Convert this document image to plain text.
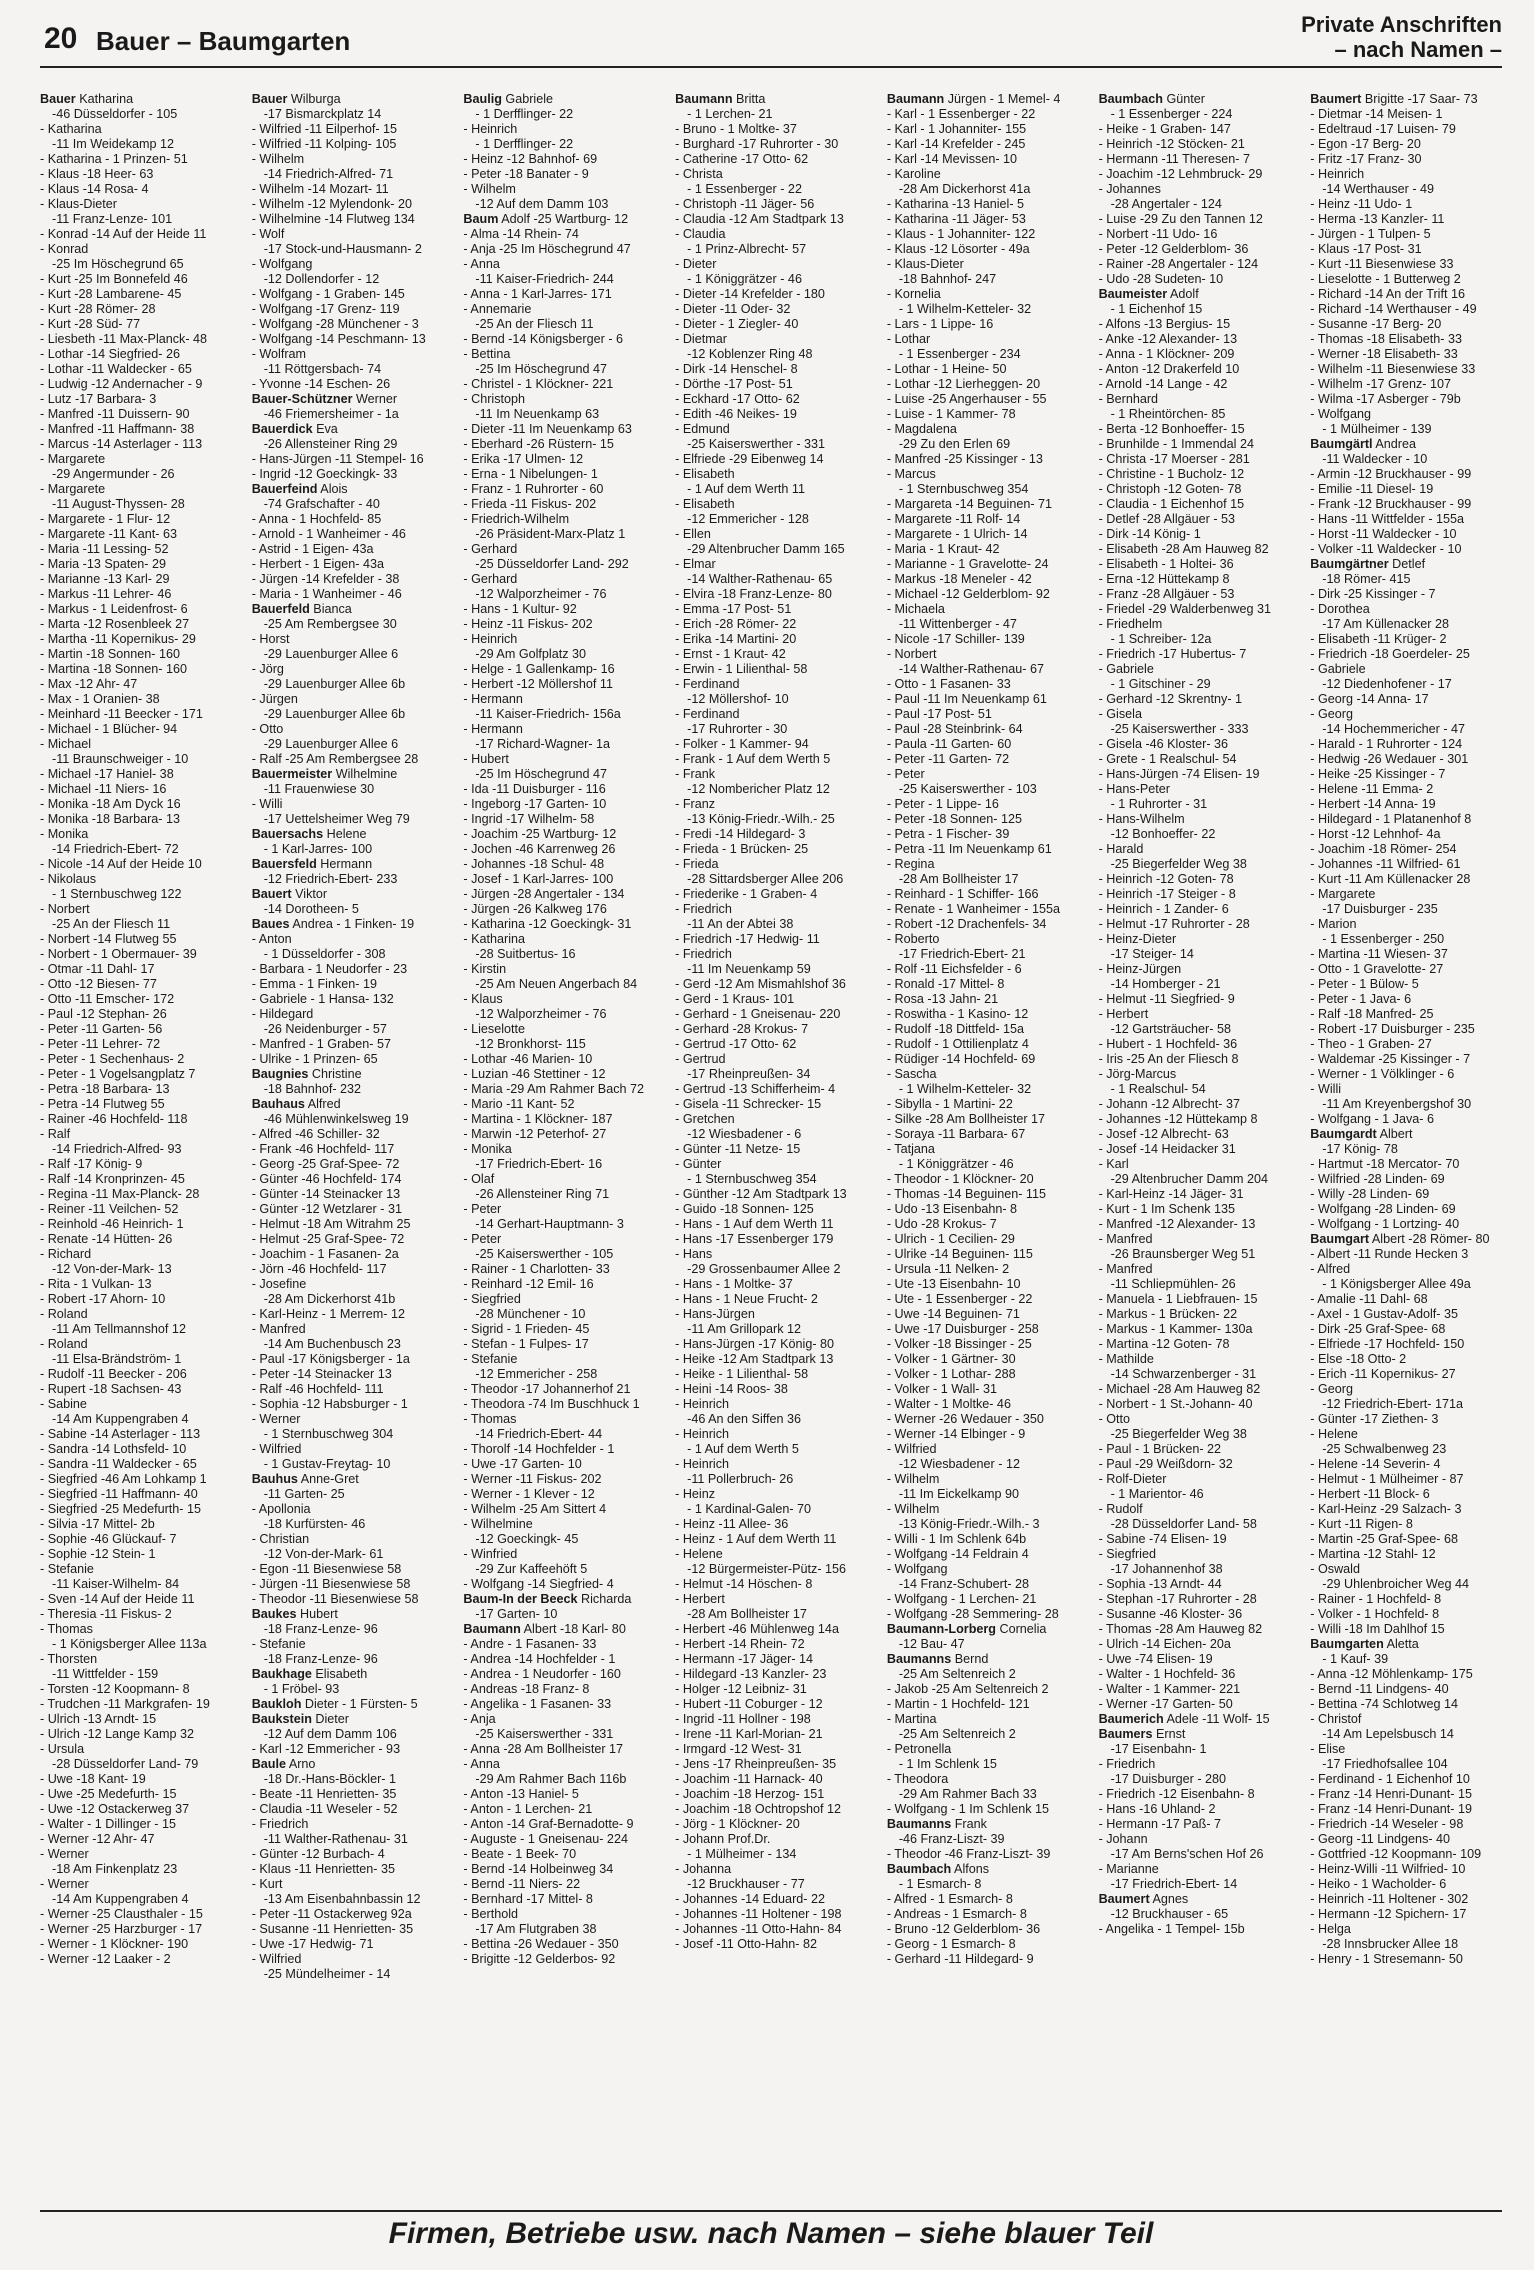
20 Bauer – Baumgarten
Private Anschriften
– nach Namen –
Bauer Katharina
-46 Düsseldorfer - 105
- Katharina
-11 Im Weidekamp 12
- Katharina - 1 Prinzen- 51
- Klaus -18 Heer- 63
- Klaus -14 Rosa- 4
- Klaus-Dieter
-11 Franz-Lenze- 101
- Konrad -14 Auf der Heide 11
- Konrad
-25 Im Höschegrund 65
- Kurt -25 Im Bonnefeld 46
- Kurt -28 Lambarene- 45
- Kurt -28 Römer- 28
- Kurt -28 Süd- 77
- Liesbeth -11 Max-Planck- 48
- Lothar -14 Siegfried- 26
- Lothar -11 Waldecker - 65
- Ludwig -12 Andernacher - 9
- Lutz -17 Barbara- 3
- Manfred -11 Duissern- 90
- Manfred -11 Haffmann- 38
- Marcus -14 Asterlager - 113
- Margarete
-29 Angermunder - 26
- Margarete
-11 August-Thyssen- 28
- Margarete - 1 Flur- 12
- Margarete -11 Kant- 63
- Maria -11 Lessing- 52
- Maria -13 Spaten- 29
- Marianne -13 Karl- 29
- Markus -11 Lehrer- 46
- Markus - 1 Leidenfrost- 6
- Marta -12 Rosenbleek 27
- Martha -11 Kopernikus- 29
- Martin -18 Sonnen- 160
- Martina -18 Sonnen- 160
- Max -12 Ahr- 47
- Max - 1 Oranien- 38
- Meinhard -11 Beecker - 171
- Michael - 1 Blücher- 94
- Michael
-11 Braunschweiger - 10
- Michael -17 Haniel- 38
- Michael -11 Niers- 16
- Monika -18 Am Dyck 16
- Monika -18 Barbara- 13
- Monika
-14 Friedrich-Ebert- 72
- Nicole -14 Auf der Heide 10
- Nikolaus
- 1 Sternbuschweg 122
- Norbert
-25 An der Fliesch 11
- Norbert -14 Flutweg 55
- Norbert - 1 Obermauer- 39
- Otmar -11 Dahl- 17
- Otto -12 Biesen- 77
- Otto -11 Emscher- 172
- Paul -12 Stephan- 26
- Peter -11 Garten- 56
- Peter -11 Lehrer- 72
- Peter - 1 Sechenhaus- 2
- Peter - 1 Vogelsangplatz 7
- Petra -18 Barbara- 13
- Petra -14 Flutweg 55
- Rainer -46 Hochfeld- 118
- Ralf
-14 Friedrich-Alfred- 93
- Ralf -17 König- 9
- Ralf -14 Kronprinzen- 45
- Regina -11 Max-Planck- 28
- Reiner -11 Veilchen- 52
- Reinhold -46 Heinrich- 1
- Renate -14 Hütten- 26
- Richard
-12 Von-der-Mark- 13
- Rita - 1 Vulkan- 13
- Robert -17 Ahorn- 10
- Roland
-11 Am Tellmannshof 12
- Roland
-11 Elsa-Brändström- 1
- Rudolf -11 Beecker - 206
- Rupert -18 Sachsen- 43
- Sabine
-14 Am Kuppengraben 4
- Sabine -14 Asterlager - 113
- Sandra -14 Lothsfeld- 10
- Sandra -11 Waldecker - 65
- Siegfried -46 Am Lohkamp 1
- Siegfried -11 Haffmann- 40
- Siegfried -25 Medefurth- 15
- Silvia -17 Mittel- 2b
- Sophie -46 Glückauf- 7
- Sophie -12 Stein- 1
- Stefanie
-11 Kaiser-Wilhelm- 84
- Sven -14 Auf der Heide 11
- Theresia -11 Fiskus- 2
- Thomas
- 1 Königsberger Allee 113a
- Thorsten
-11 Wittfelder - 159
- Torsten -12 Koopmann- 8
- Trudchen -11 Markgrafen- 19
- Ulrich -13 Arndt- 15
- Ulrich -12 Lange Kamp 32
- Ursula
-28 Düsseldorfer Land- 79
- Uwe -18 Kant- 19
- Uwe -25 Medefurth- 15
- Uwe -12 Ostackerweg 37
- Walter - 1 Dillinger - 15
- Werner -12 Ahr- 47
- Werner
-18 Am Finkenplatz 23
- Werner
-14 Am Kuppengraben 4
- Werner -25 Clausthaler - 15
- Werner -25 Harzburger - 17
- Werner - 1 Klöckner- 190
- Werner -12 Laaker - 2
Bauer Wilburga
-17 Bismarckplatz 14
- Wilfried -11 Eilperhof- 15
- Wilfried -11 Kolping- 105
- Wilhelm
-14 Friedrich-Alfred- 71
- Wilhelm -14 Mozart- 11
- Wilhelm -12 Mylendonk- 20
- Wilhelmine -14 Flutweg 134
- Wolf
-17 Stock-und-Hausmann- 2
- Wolfgang
-12 Dollendorfer - 12
- Wolfgang - 1 Graben- 145
- Wolfgang -17 Grenz- 119
- Wolfgang -28 Münchener - 3
- Wolfgang -14 Peschmann- 13
- Wolfram
-11 Röttgersbach- 74
- Yvonne -14 Eschen- 26
Bauer-Schützner Werner
-46 Friemersheimer - 1a
Bauerdick Eva
-26 Allensteiner Ring 29
- Hans-Jürgen -11 Stempel- 16
- Ingrid -12 Goeckingk- 33
Bauerfeind Alois
-74 Grafschafter - 40
- Anna - 1 Hochfeld- 85
- Arnold - 1 Wanheimer - 46
- Astrid - 1 Eigen- 43a
- Herbert - 1 Eigen- 43a
- Jürgen -14 Krefelder - 38
- Maria - 1 Wanheimer - 46
Bauerfeld Bianca
-25 Am Rembergsee 30
- Horst
-29 Lauenburger Allee 6
- Jörg
-29 Lauenburger Allee 6b
- Jürgen
-29 Lauenburger Allee 6b
- Otto
-29 Lauenburger Allee 6
- Ralf -25 Am Rembergsee 28
Bauermeister Wilhelmine
-11 Frauenwiese 30
- Willi
-17 Uettelsheimer Weg 79
Bauersachs Helene
- 1 Karl-Jarres- 100
Bauersfeld Hermann
-12 Friedrich-Ebert- 233
Bauert Viktor
-14 Dorotheen- 5
Baues Andrea - 1 Finken- 19
- Anton
- 1 Düsseldorfer - 308
- Barbara - 1 Neudorfer - 23
- Emma - 1 Finken- 19
- Gabriele - 1 Hansa- 132
- Hildegard
-26 Neidenburger - 57
- Manfred - 1 Graben- 57
- Ulrike - 1 Prinzen- 65
Baugnies Christine
-18 Bahnhof- 232
Bauhaus Alfred
-46 Mühlenwinkelsweg 19
- Alfred -46 Schiller- 32
- Frank -46 Hochfeld- 117
- Georg -25 Graf-Spee- 72
- Günter -46 Hochfeld- 174
- Günter -14 Steinacker 13
- Günter -12 Wetzlarer - 31
- Helmut -18 Am Witrahm 25
- Helmut -25 Graf-Spee- 72
- Joachim - 1 Fasanen- 2a
- Jörn -46 Hochfeld- 117
- Josefine
-28 Am Dickerhorst 41b
- Karl-Heinz - 1 Merrem- 12
- Manfred
-14 Am Buchenbusch 23
- Paul -17 Königsberger - 1a
- Peter -14 Steinacker 13
- Ralf -46 Hochfeld- 111
- Sophia -12 Habsburger - 1
- Werner
- 1 Sternbuschweg 304
- Wilfried
- 1 Gustav-Freytag- 10
Bauhus Anne-Gret
-11 Garten- 25
- Apollonia
-18 Kurfürsten- 46
- Christian
-12 Von-der-Mark- 61
- Egon -11 Biesenwiese 58
- Jürgen -11 Biesenwiese 58
- Theodor -11 Biesenwiese 58
Baukes Hubert
-18 Franz-Lenze- 96
- Stefanie
-18 Franz-Lenze- 96
Baukhage Elisabeth
- 1 Fröbel- 93
Baukloh Dieter - 1 Fürsten- 5
Baukstein Dieter
-12 Auf dem Damm 106
- Karl -12 Emmericher - 93
Baule Arno
-18 Dr.-Hans-Böckler- 1
- Beate -11 Henrietten- 35
- Claudia -11 Weseler - 52
- Friedrich
-11 Walther-Rathenau- 31
- Günter -12 Burbach- 4
- Klaus -11 Henrietten- 35
- Kurt
-13 Am Eisenbahnbassin 12
- Peter -11 Ostackerweg 92a
- Susanne -11 Henrietten- 35
- Uwe -17 Hedwig- 71
- Wilfried
-25 Mündelheimer - 14
Baulig Gabriele
- 1 Derfflinger- 22
- Heinrich
- 1 Derfflinger- 22
- Heinz -12 Bahnhof- 69
- Peter -18 Banater - 9
- Wilhelm
-12 Auf dem Damm 103
Baum Adolf -25 Wartburg- 12
- Alma -14 Rhein- 74
- Anja -25 Im Höschegrund 47
- Anna
-11 Kaiser-Friedrich- 244
- Anna - 1 Karl-Jarres- 171
- Annemarie
-25 An der Fliesch 11
- Bernd -14 Königsberger - 6
- Bettina
-25 Im Höschegrund 47
- Christel - 1 Klöckner- 221
- Christoph
-11 Im Neuenkamp 63
- Dieter -11 Im Neuenkamp 63
- Eberhard -26 Rüstern- 15
- Erika -17 Ulmen- 12
- Erna - 1 Nibelungen- 1
- Franz - 1 Ruhrorter - 60
- Frieda -11 Fiskus- 202
- Friedrich-Wilhelm
-26 Präsident-Marx-Platz 1
- Gerhard
-25 Düsseldorfer Land- 292
- Gerhard
-12 Walporzheimer - 76
- Hans - 1 Kultur- 92
- Heinz -11 Fiskus- 202
- Heinrich
-29 Am Golfplatz 30
- Helge - 1 Gallenkamp- 16
- Herbert -12 Möllershof 11
- Hermann
-11 Kaiser-Friedrich- 156a
- Hermann
-17 Richard-Wagner- 1a
- Hubert
-25 Im Höschegrund 47
- Ida -11 Duisburger - 116
- Ingeborg -17 Garten- 10
- Ingrid -17 Wilhelm- 58
- Joachim -25 Wartburg- 12
- Jochen -46 Karrenweg 26
- Johannes -18 Schul- 48
- Josef - 1 Karl-Jarres- 100
- Jürgen -28 Angertaler - 134
- Jürgen -26 Kalkweg 176
- Katharina -12 Goeckingk- 31
- Katharina
-28 Suitbertus- 16
- Kirstin
-25 Am Neuen Angerbach 84
- Klaus
-12 Walporzheimer - 76
- Lieselotte
-12 Bronkhorst- 115
- Lothar -46 Marien- 10
- Luzian -46 Stettiner - 12
- Maria -29 Am Rahmer Bach 72
- Mario -11 Kant- 52
- Martina - 1 Klöckner- 187
- Marwin -12 Peterhof- 27
- Monika
-17 Friedrich-Ebert- 16
- Olaf
-26 Allensteiner Ring 71
- Peter
-14 Gerhart-Hauptmann- 3
- Peter
-25 Kaiserswerther - 105
- Rainer - 1 Charlotten- 33
- Reinhard -12 Emil- 16
- Siegfried
-28 Münchener - 10
- Sigrid - 1 Frieden- 45
- Stefan - 1 Fulpes- 17
- Stefanie
-12 Emmericher - 258
- Theodor -17 Johannerhof 21
- Theodora -74 Im Buschhuck 1
- Thomas
-14 Friedrich-Ebert- 44
- Thorolf -14 Hochfelder - 1
- Uwe -17 Garten- 10
- Werner -11 Fiskus- 202
- Werner - 1 Klever - 12
- Wilhelm -25 Am Sittert 4
- Wilhelmine
-12 Goeckingk- 45
- Winfried
-29 Zur Kaffeehöft 5
- Wolfgang -14 Siegfried- 4
Baum-In der Beeck Richarda
-17 Garten- 10
Baumann Albert -18 Karl- 80
- Andre - 1 Fasanen- 33
- Andrea -14 Hochfelder - 1
- Andrea - 1 Neudorfer - 160
- Andreas -18 Franz- 8
- Angelika - 1 Fasanen- 33
- Anja
-25 Kaiserswerther - 331
- Anna -28 Am Bollheister 17
- Anna
-29 Am Rahmer Bach 116b
- Anton -13 Haniel- 5
- Anton - 1 Lerchen- 21
- Anton -14 Graf-Bernadotte- 9
- Auguste - 1 Gneisenau- 224
- Beate - 1 Beek- 70
- Bernd -14 Holbeinweg 34
- Bernd -11 Niers- 22
- Bernhard -17 Mittel- 8
- Berthold
-17 Am Flutgraben 38
- Bettina -26 Wedauer - 350
- Brigitte -12 Gelderbos- 92
Baumann Britta
- 1 Lerchen- 21
- Bruno - 1 Moltke- 37
- Burghard -17 Ruhrorter - 30
- Catherine -17 Otto- 62
- Christa
- 1 Essenberger - 22
- Christoph -11 Jäger- 56
- Claudia -12 Am Stadtpark 13
- Claudia
- 1 Prinz-Albrecht- 57
- Dieter
- 1 Königgrätzer - 46
- Dieter -14 Krefelder - 180
- Dieter -11 Oder- 32
- Dieter - 1 Ziegler- 40
- Dietmar
-12 Koblenzer Ring 48
- Dirk -14 Henschel- 8
- Dörthe -17 Post- 51
- Eckhard -17 Otto- 62
- Edith -46 Neikes- 19
- Edmund
-25 Kaiserswerther - 331
- Elfriede -29 Eibenweg 14
- Elisabeth
- 1 Auf dem Werth 11
- Elisabeth
-12 Emmericher - 128
- Ellen
-29 Altenbrucher Damm 165
- Elmar
-14 Walther-Rathenau- 65
- Elvira -18 Franz-Lenze- 80
- Emma -17 Post- 51
- Erich -28 Römer- 22
- Erika -14 Martini- 20
- Ernst - 1 Kraut- 42
- Erwin - 1 Lilienthal- 58
- Ferdinand
-12 Möllershof- 10
- Ferdinand
-17 Ruhrorter - 30
- Folker - 1 Kammer- 94
- Frank - 1 Auf dem Werth 5
- Frank
-12 Nombericher Platz 12
- Franz
-13 König-Friedr.-Wilh.- 25
- Fredi -14 Hildegard- 3
- Frieda - 1 Brücken- 25
- Frieda
-28 Sittardsberger Allee 206
- Friederike - 1 Graben- 4
- Friedrich
-11 An der Abtei 38
- Friedrich -17 Hedwig- 11
- Friedrich
-11 Im Neuenkamp 59
- Gerd -12 Am Mismahlshof 36
- Gerd - 1 Kraus- 101
- Gerhard - 1 Gneisenau- 220
- Gerhard -28 Krokus- 7
- Gertrud -17 Otto- 62
- Gertrud
-17 Rheinpreußen- 34
- Gertrud -13 Schifferheim- 4
- Gisela -11 Schrecker- 15
- Gretchen
-12 Wiesbadener - 6
- Günter -11 Netze- 15
- Günter
- 1 Sternbuschweg 354
- Günther -12 Am Stadtpark 13
- Guido -18 Sonnen- 125
- Hans - 1 Auf dem Werth 11
- Hans -17 Essenberger 179
- Hans
-29 Grossenbaumer Allee 2
- Hans - 1 Moltke- 37
- Hans - 1 Neue Frucht- 2
- Hans-Jürgen
-11 Am Grillopark 12
- Hans-Jürgen -17 König- 80
- Heike -12 Am Stadtpark 13
- Heike - 1 Lilienthal- 58
- Heini -14 Roos- 38
- Heinrich
-46 An den Siffen 36
- Heinrich
- 1 Auf dem Werth 5
- Heinrich
-11 Pollerbruch- 26
- Heinz
- 1 Kardinal-Galen- 70
- Heinz -11 Allee- 36
- Heinz - 1 Auf dem Werth 11
- Helene
-12 Bürgermeister-Pütz- 156
- Helmut -14 Höschen- 8
- Herbert
-28 Am Bollheister 17
- Herbert -46 Mühlenweg 14a
- Herbert -14 Rhein- 72
- Hermann -17 Jäger- 14
- Hildegard -13 Kanzler- 23
- Holger -12 Leibniz- 31
- Hubert -11 Coburger - 12
- Ingrid -11 Hollner - 198
- Irene -11 Karl-Morian- 21
- Irmgard -12 West- 31
- Jens -17 Rheinpreußen- 35
- Joachim -11 Harnack- 40
- Joachim -18 Herzog- 151
- Joachim -18 Ochtropshof 12
- Jörg - 1 Klöckner- 20
- Johann Prof.Dr.
- 1 Mülheimer - 134
- Johanna
-12 Bruckhauser - 77
- Johannes -14 Eduard- 22
- Johannes -11 Holtener - 198
- Johannes -11 Otto-Hahn- 84
- Josef -11 Otto-Hahn- 82
Baumann Jürgen - 1 Memel- 4
- Karl - 1 Essenberger - 22
- Karl - 1 Johanniter- 155
- Karl -14 Krefelder - 245
- Karl -14 Mevissen- 10
- Karoline
-28 Am Dickerhorst 41a
- Katharina -13 Haniel- 5
- Katharina -11 Jäger- 53
- Klaus - 1 Johanniter- 122
- Klaus -12 Lösorter - 49a
- Klaus-Dieter
-18 Bahnhof- 247
- Kornelia
- 1 Wilhelm-Ketteler- 32
- Lars - 1 Lippe- 16
- Lothar
- 1 Essenberger - 234
- Lothar - 1 Heine- 50
- Lothar -12 Lierheggen- 20
- Luise -25 Angerhauser - 55
- Luise - 1 Kammer- 78
- Magdalena
-29 Zu den Erlen 69
- Manfred -25 Kissinger - 13
- Marcus
- 1 Sternbuschweg 354
- Margareta -14 Beguinen- 71
- Margarete -11 Rolf- 14
- Margarete - 1 Ulrich- 14
- Maria - 1 Kraut- 42
- Marianne - 1 Gravelotte- 24
- Markus -18 Meneler - 42
- Michael -12 Gelderblom- 92
- Michaela
-11 Wittenberger - 47
- Nicole -17 Schiller- 139
- Norbert
-14 Walther-Rathenau- 67
- Otto - 1 Fasanen- 33
- Paul -11 Im Neuenkamp 61
- Paul -17 Post- 51
- Paul -28 Steinbrink- 64
- Paula -11 Garten- 60
- Peter -11 Garten- 72
- Peter
-25 Kaiserswerther - 103
- Peter - 1 Lippe- 16
- Peter -18 Sonnen- 125
- Petra - 1 Fischer- 39
- Petra -11 Im Neuenkamp 61
- Regina
-28 Am Bollheister 17
- Reinhard - 1 Schiffer- 166
- Renate - 1 Wanheimer - 155a
- Robert -12 Drachenfels- 34
- Roberto
-17 Friedrich-Ebert- 21
- Rolf -11 Eichsfelder - 6
- Ronald -17 Mittel- 8
- Rosa -13 Jahn- 21
- Roswitha - 1 Kasino- 12
- Rudolf -18 Dittfeld- 15a
- Rudolf - 1 Ottilienplatz 4
- Rüdiger -14 Hochfeld- 69
- Sascha
- 1 Wilhelm-Ketteler- 32
- Sibylla - 1 Martini- 22
- Silke -28 Am Bollheister 17
- Soraya -11 Barbara- 67
- Tatjana
- 1 Königgrätzer - 46
- Theodor - 1 Klöckner- 20
- Thomas -14 Beguinen- 115
- Udo -13 Eisenbahn- 8
- Udo -28 Krokus- 7
- Ulrich - 1 Cecilien- 29
- Ulrike -14 Beguinen- 115
- Ursula -11 Nelken- 2
- Ute -13 Eisenbahn- 10
- Ute - 1 Essenberger - 22
- Uwe -14 Beguinen- 71
- Uwe -17 Duisburger - 258
- Volker -18 Bissinger - 25
- Volker - 1 Gärtner- 30
- Volker - 1 Lothar- 288
- Volker - 1 Wall- 31
- Walter - 1 Moltke- 46
- Werner -26 Wedauer - 350
- Werner -14 Elbinger - 9
- Wilfried
-12 Wiesbadener - 12
- Wilhelm
-11 Im Eickelkamp 90
- Wilhelm
-13 König-Friedr.-Wilh.- 3
- Willi - 1 Im Schlenk 64b
- Wolfgang -14 Feldrain 4
- Wolfgang
-14 Franz-Schubert- 28
- Wolfgang - 1 Lerchen- 21
- Wolfgang -28 Semmering- 28
Baumann-Lorberg Cornelia
-12 Bau- 47
Baumanns Bernd
-25 Am Seltenreich 2
- Jakob -25 Am Seltenreich 2
- Martin - 1 Hochfeld- 121
- Martina
-25 Am Seltenreich 2
- Petronella
- 1 Im Schlenk 15
- Theodora
-29 Am Rahmer Bach 33
- Wolfgang - 1 Im Schlenk 15
Baumanns Frank
-46 Franz-Liszt- 39
- Theodor -46 Franz-Liszt- 39
Baumbach Alfons
- 1 Esmarch- 8
- Alfred - 1 Esmarch- 8
- Andreas - 1 Esmarch- 8
- Bruno -12 Gelderblom- 36
- Georg - 1 Esmarch- 8
- Gerhard -11 Hildegard- 9
Baumbach Günter
- 1 Essenberger - 224
- Heike - 1 Graben- 147
- Heinrich -12 Stöcken- 21
- Hermann -11 Theresen- 7
- Joachim -12 Lehmbruck- 29
- Johannes
-28 Angertaler - 124
- Luise -29 Zu den Tannen 12
- Norbert -11 Udo- 16
- Peter -12 Gelderblom- 36
- Rainer -28 Angertaler - 124
- Udo -28 Sudeten- 10
Baumeister Adolf
- 1 Eichenhof 15
- Alfons -13 Bergius- 15
- Anke -12 Alexander- 13
- Anna - 1 Klöckner- 209
- Anton -12 Drakerfeld 10
- Arnold -14 Lange - 42
- Bernhard
- 1 Rheintörchen- 85
- Berta -12 Bonhoeffer- 15
- Brunhilde - 1 Immendal 24
- Christa -17 Moerser - 281
- Christine - 1 Bucholz- 12
- Christoph -12 Goten- 78
- Claudia - 1 Eichenhof 15
- Detlef -28 Allgäuer - 53
- Dirk -14 König- 1
- Elisabeth -28 Am Hauweg 82
- Elisabeth - 1 Holtei- 36
- Erna -12 Hüttekamp 8
- Franz -28 Allgäuer - 53
- Friedel -29 Walderbenweg 31
- Friedhelm
- 1 Schreiber- 12a
- Friedrich -17 Hubertus- 7
- Gabriele
- 1 Gitschiner - 29
- Gerhard -12 Skrentny- 1
- Gisela
-25 Kaiserswerther - 333
- Gisela -46 Kloster- 36
- Grete - 1 Realschul- 54
- Hans-Jürgen -74 Elisen- 19
- Hans-Peter
- 1 Ruhrorter - 31
- Hans-Wilhelm
-12 Bonhoeffer- 22
- Harald
-25 Biegerfelder Weg 38
- Heinrich -12 Goten- 78
- Heinrich -17 Steiger - 8
- Heinrich - 1 Zander- 6
- Helmut -17 Ruhrorter - 28
- Heinz-Dieter
-17 Steiger- 14
- Heinz-Jürgen
-14 Homberger - 21
- Helmut -11 Siegfried- 9
- Herbert
-12 Gartsträucher- 58
- Hubert - 1 Hochfeld- 36
- Iris -25 An der Fliesch 8
- Jörg-Marcus
- 1 Realschul- 54
- Johann -12 Albrecht- 37
- Johannes -12 Hüttekamp 8
- Josef -12 Albrecht- 63
- Josef -14 Heidacker 31
- Karl
-29 Altenbrucher Damm 204
- Karl-Heinz -14 Jäger- 31
- Kurt - 1 Im Schenk 135
- Manfred -12 Alexander- 13
- Manfred
-26 Braunsberger Weg 51
- Manfred
-11 Schliepmühlen- 26
- Manuela - 1 Liebfrauen- 15
- Markus - 1 Brücken- 22
- Markus - 1 Kammer- 130a
- Martina -12 Goten- 78
- Mathilde
-14 Schwarzenberger - 31
- Michael -28 Am Hauweg 82
- Norbert - 1 St.-Johann- 40
- Otto
-25 Biegerfelder Weg 38
- Paul - 1 Brücken- 22
- Paul -29 Weißdorn- 32
- Rolf-Dieter
- 1 Marientor- 46
- Rudolf
-28 Düsseldorfer Land- 58
- Sabine -74 Elisen- 19
- Siegfried
-17 Johannenhof 38
- Sophia -13 Arndt- 44
- Stephan -17 Ruhrorter - 28
- Susanne -46 Kloster- 36
- Thomas -28 Am Hauweg 82
- Ulrich -14 Eichen- 20a
- Uwe -74 Elisen- 19
- Walter - 1 Hochfeld- 36
- Walter - 1 Kammer- 221
- Werner -17 Garten- 50
Baumerich Adele -11 Wolf- 15
Baumers Ernst
-17 Eisenbahn- 1
- Friedrich
-17 Duisburger - 280
- Friedrich -12 Eisenbahn- 8
- Hans -16 Uhland- 2
- Hermann -17 Paß- 7
- Johann
-17 Am Berns'schen Hof 26
- Marianne
-17 Friedrich-Ebert- 14
Baumert Agnes
-12 Bruckhauser - 65
- Angelika - 1 Tempel- 15b
Baumert Brigitte -17 Saar- 73
- Dietmar -14 Meisen- 1
- Edeltraud -17 Luisen- 79
- Egon -17 Berg- 20
- Fritz -17 Franz- 30
- Heinrich
-14 Werthauser - 49
- Heinz -11 Udo- 1
- Herma -13 Kanzler- 11
- Jürgen - 1 Tulpen- 5
- Klaus -17 Post- 31
- Kurt -11 Biesenwiese 33
- Lieselotte - 1 Butterweg 2
- Richard -14 An der Trift 16
- Richard -14 Werthauser - 49
- Susanne -17 Berg- 20
- Thomas -18 Elisabeth- 33
- Werner -18 Elisabeth- 33
- Wilhelm -11 Biesenwiese 33
- Wilhelm -17 Grenz- 107
- Wilma -17 Asberger - 79b
- Wolfgang
- 1 Mülheimer - 139
Baumgärtl Andrea
-11 Waldecker - 10
- Armin -12 Bruckhauser - 99
- Emilie -11 Diesel- 19
- Frank -12 Bruckhauser - 99
- Hans -11 Wittfelder - 155a
- Horst -11 Waldecker - 10
- Volker -11 Waldecker - 10
Baumgärtner Detlef
-18 Römer- 415
- Dirk -25 Kissinger - 7
- Dorothea
-17 Am Küllenacker 28
- Elisabeth -11 Krüger- 2
- Friedrich -18 Goerdeler- 25
- Gabriele
-12 Diedenhofener - 17
- Georg -14 Anna- 17
- Georg
-14 Hochemmericher - 47
- Harald - 1 Ruhrorter - 124
- Hedwig -26 Wedauer - 301
- Heike -25 Kissinger - 7
- Helene -11 Emma- 2
- Herbert -14 Anna- 19
- Hildegard - 1 Platanenhof 8
- Horst -12 Lehnhof- 4a
- Joachim -18 Römer- 254
- Johannes -11 Wilfried- 61
- Kurt -11 Am Küllenacker 28
- Margarete
-17 Duisburger - 235
- Marion
- 1 Essenberger - 250
- Martina -11 Wiesen- 37
- Otto - 1 Gravelotte- 27
- Peter - 1 Bülow- 5
- Peter - 1 Java- 6
- Ralf -18 Manfred- 25
- Robert -17 Duisburger - 235
- Theo - 1 Graben- 27
- Waldemar -25 Kissinger - 7
- Werner - 1 Völklinger - 6
- Willi
-11 Am Kreyenbergshof 30
- Wolfgang - 1 Java- 6
Baumgardt Albert
-17 König- 78
- Hartmut -18 Mercator- 70
- Wilfried -28 Linden- 69
- Willy -28 Linden- 69
- Wolfgang -28 Linden- 69
- Wolfgang - 1 Lortzing- 40
Baumgart Albert -28 Römer- 80
- Albert -11 Runde Hecken 3
- Alfred
- 1 Königsberger Allee 49a
- Amalie -11 Dahl- 68
- Axel - 1 Gustav-Adolf- 35
- Dirk -25 Graf-Spee- 68
- Elfriede -17 Hochfeld- 150
- Else -18 Otto- 2
- Erich -11 Kopernikus- 27
- Georg
-12 Friedrich-Ebert- 171a
- Günter -17 Ziethen- 3
- Helene
-25 Schwalbenweg 23
- Helene -14 Severin- 4
- Helmut - 1 Mülheimer - 87
- Herbert -11 Block- 6
- Karl-Heinz -29 Salzach- 3
- Kurt -11 Rigen- 8
- Martin -25 Graf-Spee- 68
- Martina -12 Stahl- 12
- Oswald
-29 Uhlenbroicher Weg 44
- Rainer - 1 Hochfeld- 8
- Volker - 1 Hochfeld- 8
- Willi -18 Im Dahlhof 15
Baumgarten Aletta
- 1 Kauf- 39
- Anna -12 Möhlenkamp- 175
- Bernd -11 Lindgens- 40
- Bettina -74 Schlotweg 14
- Christof
-14 Am Lepelsbusch 14
- Elise
-17 Friedhofsallee 104
- Ferdinand - 1 Eichenhof 10
- Franz -14 Henri-Dunant- 15
- Franz -14 Henri-Dunant- 19
- Friedrich -14 Weseler - 98
- Georg -11 Lindgens- 40
- Gottfried -12 Koopmann- 109
- Heinz-Willi -11 Wilfried- 10
- Heiko - 1 Wacholder- 6
- Heinrich -11 Holtener - 302
- Hermann -12 Spichern- 17
- Helga
-28 Innsbrucker Allee 18
- Henry - 1 Stresemann- 50
Firmen, Betriebe usw. nach Namen – siehe blauer Teil
